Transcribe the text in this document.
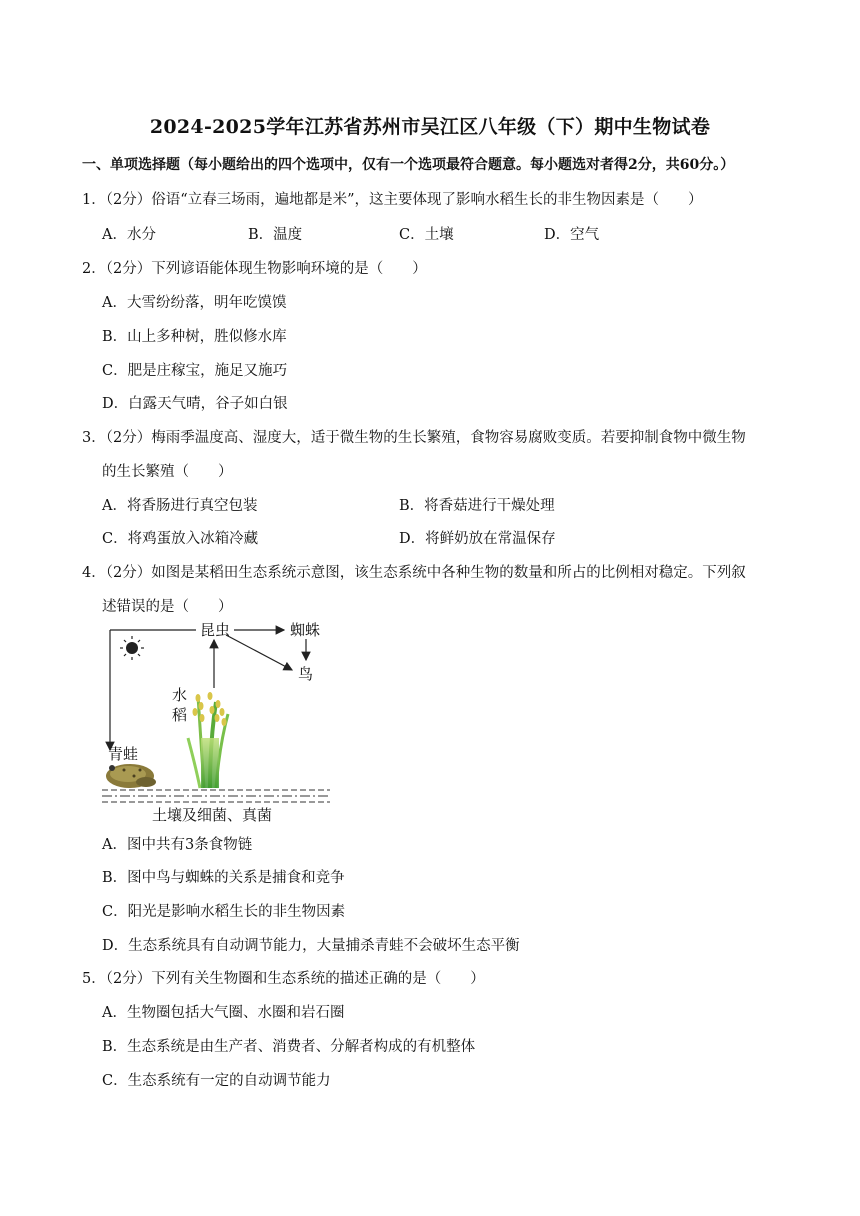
2024-2025学年江苏省苏州市吴江区八年级（下）期中生物试卷
一、单项选择题（每小题给出的四个选项中，仅有一个选项最符合题意。每小题选对者得2分，共60分。）
1．（2分）俗语“立春三场雨，遍地都是米”，这主要体现了影响水稻生长的非生物因素是（　　）
A．水分	B．温度	C．土壤	D．空气
2．（2分）下列谚语能体现生物影响环境的是（　　）
A．大雪纷纷落，明年吃馍馍
B．山上多种树，胜似修水库
C．肥是庄稼宝，施足又施巧
D．白露天气晴，谷子如白银
3．（2分）梅雨季温度高、湿度大，适于微生物的生长繁殖，食物容易腐败变质。若要抑制食物中微生物
的生长繁殖（　　）
A．将香肠进行真空包装	B．将香菇进行干燥处理
C．将鸡蛋放入冰箱冷藏	D．将鲜奶放在常温保存
4．（2分）如图是某稻田生态系统示意图，该生态系统中各种生物的数量和所占的比例相对稳定。下列叙
述错误的是（　　）
昆虫	蜘蛛
鸟
水
稻
青蛙
土壤及细菌、真菌
A．图中共有3条食物链
B．图中鸟与蜘蛛的关系是捕食和竞争
C．阳光是影响水稻生长的非生物因素
D．生态系统具有自动调节能力，大量捕杀青蛙不会破坏生态平衡
5．（2分）下列有关生物圈和生态系统的描述正确的是（　　）
A．生物圈包括大气圈、水圈和岩石圈
B．生态系统是由生产者、消费者、分解者构成的有机整体
C．生态系统有一定的自动调节能力
